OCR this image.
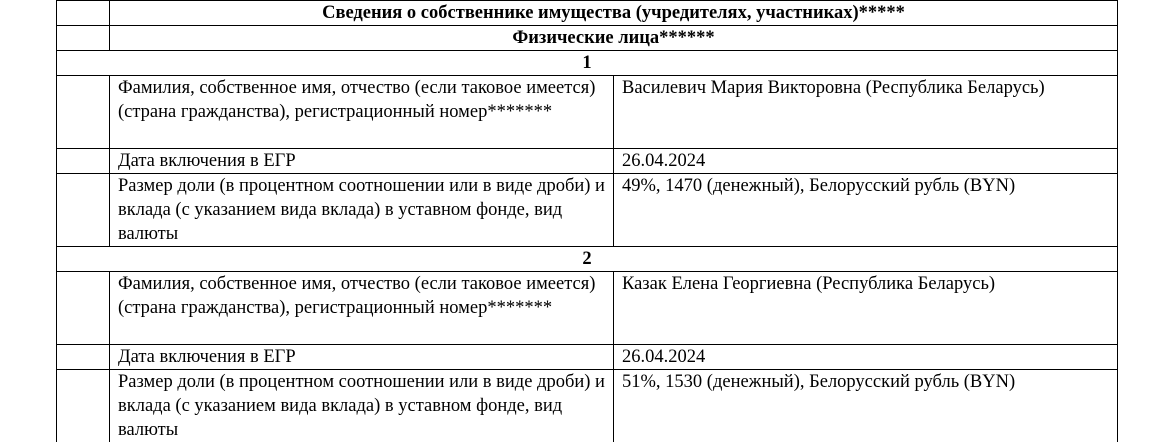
	Сведения о собственнике имущества (учредителях, участниках)*****	
	Физические лица******	
1		
	Фамилия, собственное имя, отчество (если таковое имеется) (страна гражданства), регистрационный номер*******	Василевич Мария Викторовна (Республика Беларусь)
	Дата включения в ЕГР	26.04.2024
	Размер доли (в процентном соотношении или в виде дроби) и вклада (с указанием вида вклада) в уставном фонде, вид валюты	49%, 1470 (денежный), Белорусский рубль (BYN)
2		
	Фамилия, собственное имя, отчество (если таковое имеется) (страна гражданства), регистрационный номер*******	Казак Елена Георгиевна (Республика Беларусь)
	Дата включения в ЕГР	26.04.2024
	Размер доли (в процентном соотношении или в виде дроби) и вклада (с указанием вида вклада) в уставном фонде, вид валюты	51%, 1530 (денежный), Белорусский рубль (BYN)
